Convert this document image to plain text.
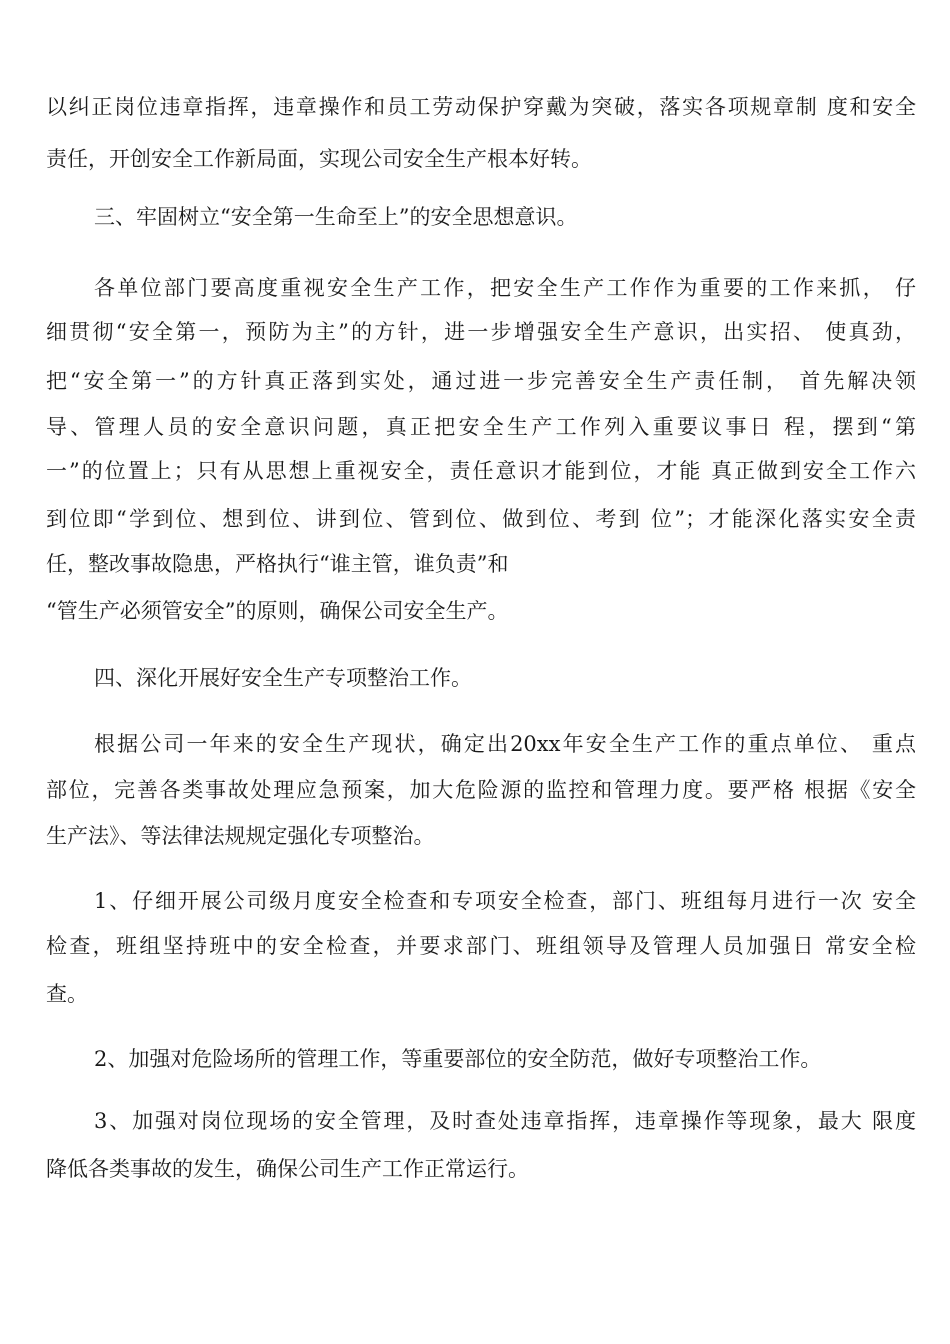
以纠正岗位违章指挥，违章操作和员工劳动保护穿戴为突破，落实各项规章制 度和安全
责任，开创安全工作新局面，实现公司安全生产根本好转。
三、牢固树立“安全第一生命至上”的安全思想意识。
各单位部门要高度重视安全生产工作，把安全生产工作作为重要的工作来抓， 仔
细贯彻“安全第一，预防为主”的方针，进一步增强安全生产意识，出实招、 使真劲，
把“安全第一”的方针真正落到实处，通过进一步完善安全生产责任制， 首先解决领
导、管理人员的安全意识问题，真正把安全生产工作列入重要议事日 程，摆到“第
一”的位置上；只有从思想上重视安全，责任意识才能到位，才能 真正做到安全工作六
到位即“学到位、想到位、讲到位、管到位、做到位、考到 位”；才能深化落实安全责
任，整改事故隐患，严格执行“谁主管，谁负责”和
“管生产必须管安全”的原则，确保公司安全生产。
四、深化开展好安全生产专项整治工作。
根据公司一年来的安全生产现状，确定出20xx年安全生产工作的重点单位、 重点
部位，完善各类事故处理应急预案，加大危险源的监控和管理力度。要严格 根据《安全
生产法》、等法律法规规定强化专项整治。
1、仔细开展公司级月度安全检查和专项安全检查，部门、班组每月进行一次 安全
检查，班组坚持班中的安全检查，并要求部门、班组领导及管理人员加强日 常安全检
查。
2、加强对危险场所的管理工作，等重要部位的安全防范，做好专项整治工作。
3、加强对岗位现场的安全管理，及时查处违章指挥，违章操作等现象，最大 限度
降低各类事故的发生，确保公司生产工作正常运行。
